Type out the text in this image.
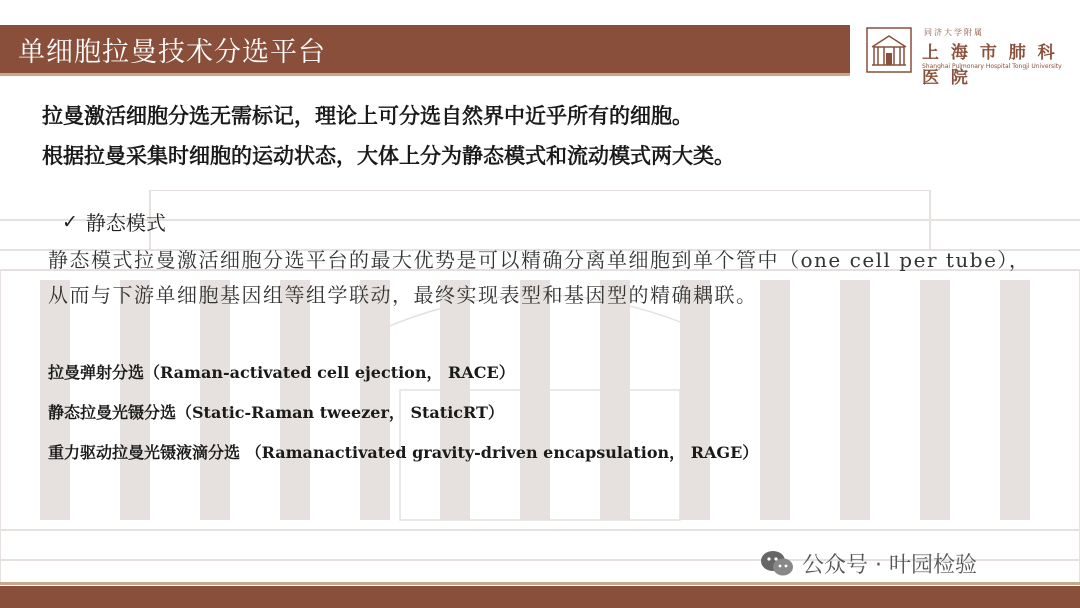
单细胞拉曼技术分选平台
同济大学附属
上 海 市 肺 科 医 院
Shanghai Pulmonary Hospital Tongji University
拉曼激活细胞分选无需标记，理论上可分选自然界中近乎所有的细胞。
根据拉曼采集时细胞的运动状态，大体上分为静态模式和流动模式两大类。
✓ 静态模式
静态模式拉曼激活细胞分选平台的最大优势是可以精确分离单细胞到单个管中（one cell per tube），从而与下游单细胞基因组等组学联动，最终实现表型和基因型的精确耦联。
拉曼弹射分选（Raman-activated cell ejection， RACE）
静态拉曼光镊分选（Static-Raman tweezer， StaticRT）
重力驱动拉曼光镊液滴分选 （Ramanactivated gravity-driven encapsulation， RAGE）
公众号 · 叶园检验
